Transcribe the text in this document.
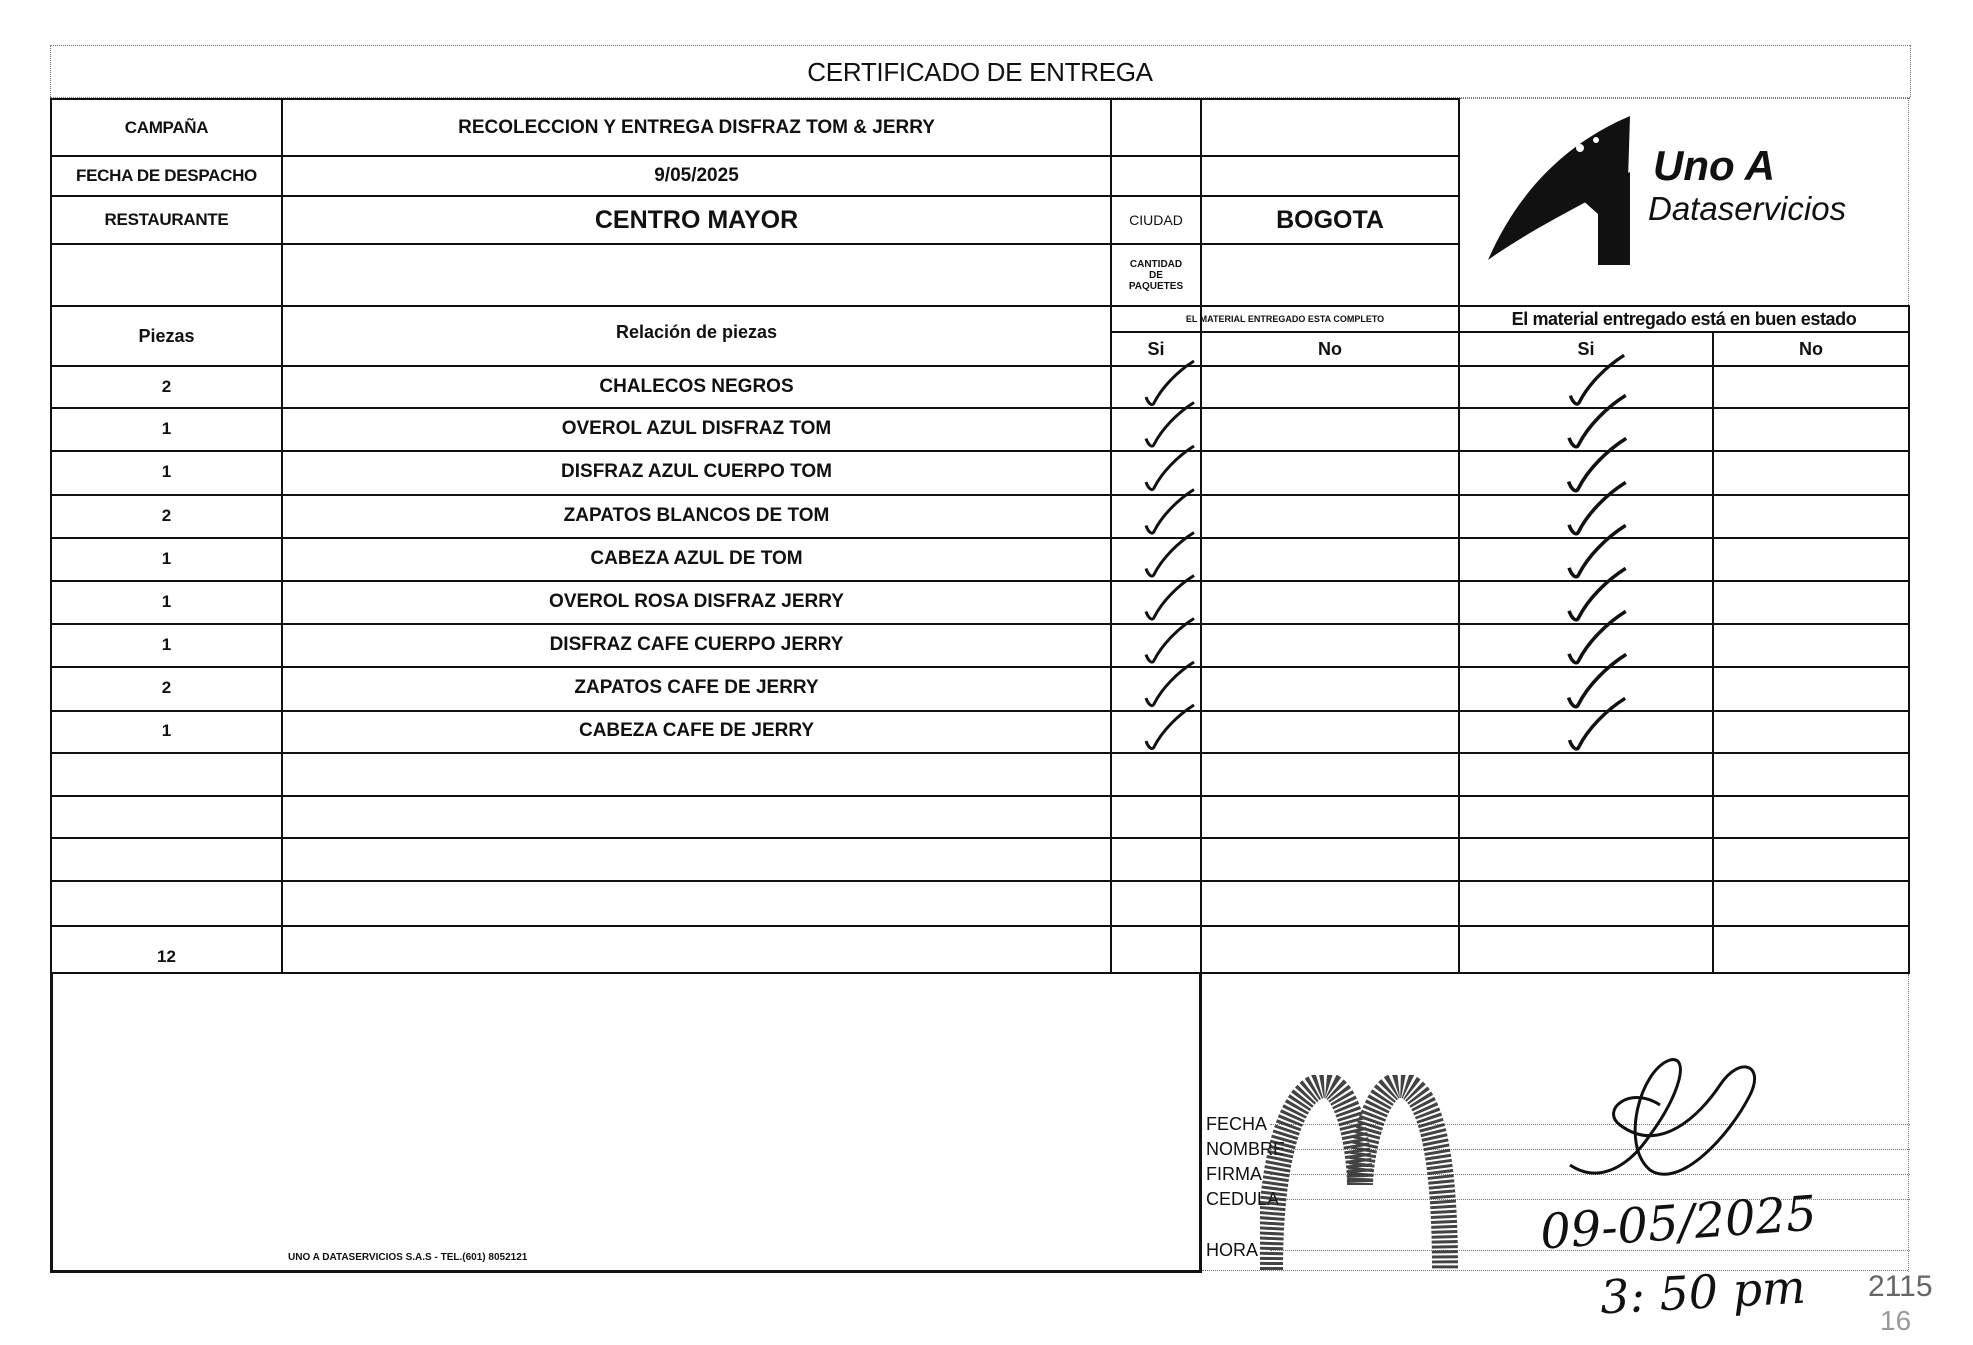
CERTIFICADO DE ENTREGA
CAMPAÑA	RECOLECCION Y ENTREGA DISFRAZ TOM & JERRY
FECHA DE DESPACHO	9/05/2025
RESTAURANTE	CENTRO MAYOR	CIUDAD	BOGOTA
CANTIDAD
DE
PAQUETES
Uno A
Dataservicios
Piezas	Relación de piezas
EL MATERIAL ENTREGADO ESTA COMPLETO	El material entregado está en buen estado
Si	No	Si	No
2	CHALECOS NEGROS
1	OVEROL AZUL DISFRAZ TOM
1	DISFRAZ AZUL CUERPO TOM
2	ZAPATOS BLANCOS DE TOM
1	CABEZA AZUL DE TOM
1	OVEROL ROSA DISFRAZ JERRY
1	DISFRAZ CAFE CUERPO JERRY
2	ZAPATOS CAFE DE JERRY
1	CABEZA CAFE DE JERRY
12
UNO A DATASERVICIOS S.A.S - TEL.(601) 8052121
FECHA
NOMBRE
FIRMA
CEDULA
HORA	09-05/2025
3: 50 pm 2115
16
